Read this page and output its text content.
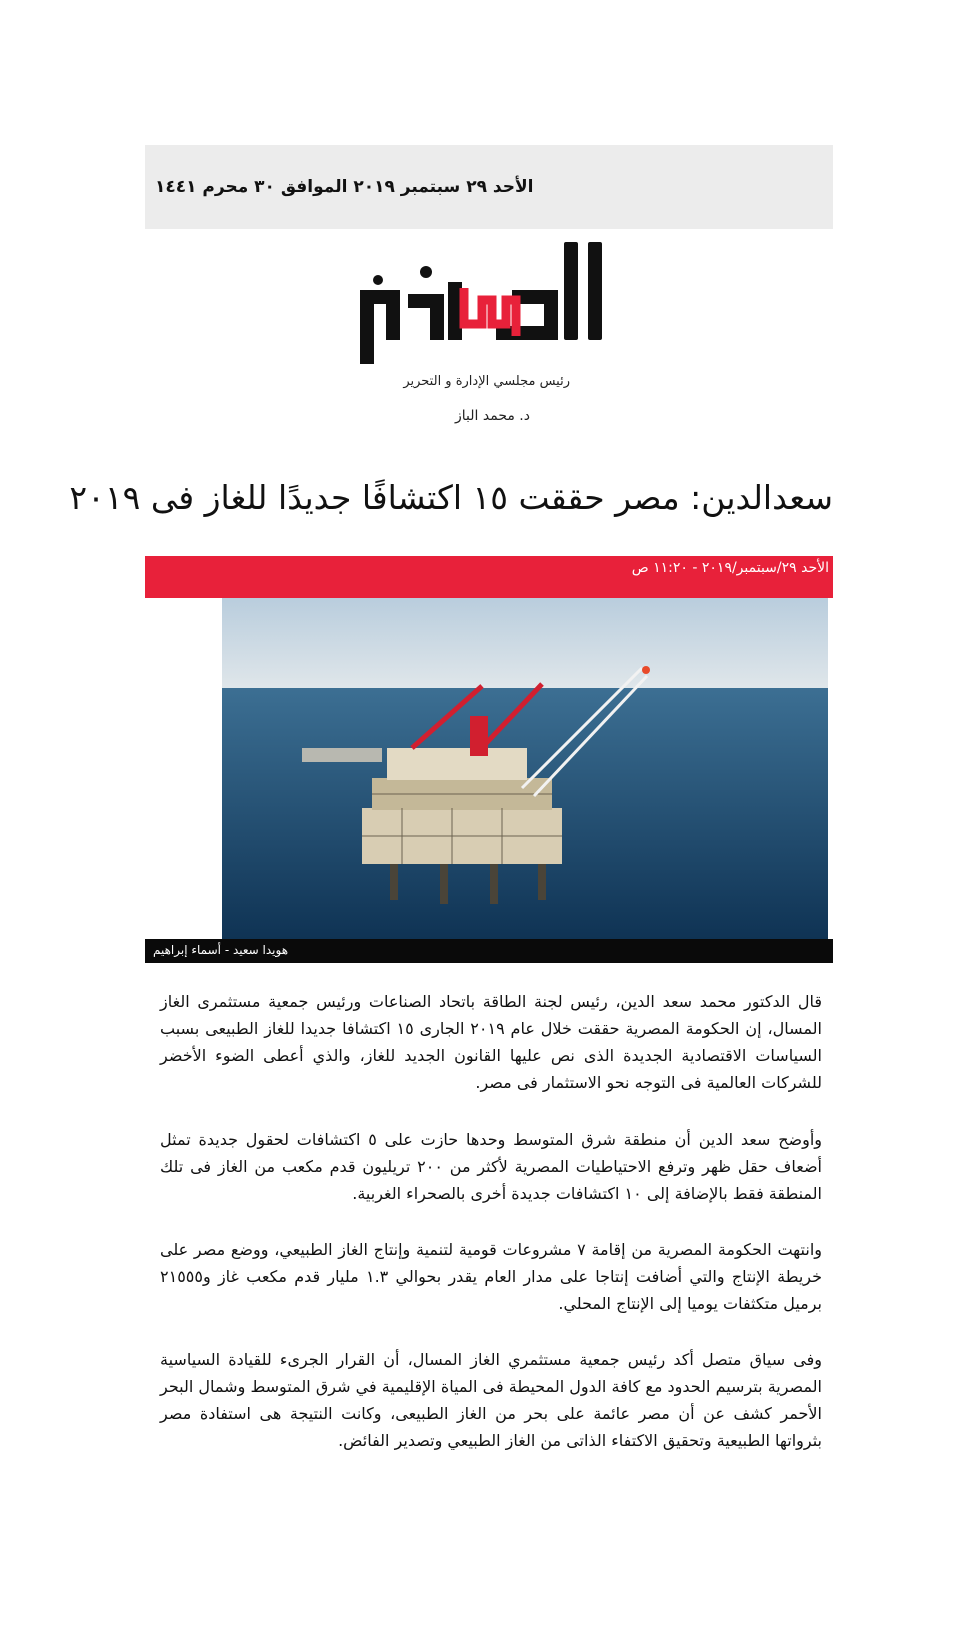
الأحد ٢٩ سبتمبر ٢٠١٩ الموافق ٣٠ محرم ١٤٤١
الدستور
رئيس مجلسي الإدارة و التحرير
د. محمد الباز
سعدالدين: مصر حققت ١٥ اكتشافًا جديدًا للغاز فى ٢٠١٩
الأحد ٢٩/سبتمبر/٢٠١٩ - ١١:٢٠ ص
هويدا سعيد - أسماء إبراهيم
قال الدكتور محمد سعد الدين، رئيس لجنة الطاقة باتحاد الصناعات ورئيس جمعية مستثمرى الغاز المسال، إن الحكومة المصرية حققت خلال عام ٢٠١٩ الجارى ١٥ اكتشافا جديدا للغاز الطبيعى بسبب السياسات الاقتصادية الجديدة الذى نص عليها القانون الجديد للغاز، والذي أعطى الضوء الأخضر للشركات العالمية فى التوجه نحو الاستثمار فى مصر.
وأوضح سعد الدين أن منطقة شرق المتوسط وحدها حازت على ٥ اكتشافات لحقول جديدة تمثل أضعاف حقل ظهر وترفع الاحتياطيات المصرية لأكثر من ٢٠٠ تريليون قدم مكعب من الغاز فى تلك المنطقة فقط بالإضافة إلى ١٠ اكتشافات جديدة أخرى بالصحراء الغربية.
وانتهت الحكومة المصرية من إقامة ٧ مشروعات قومية لتنمية وإنتاج الغاز الطبيعي، ووضع مصر على خريطة الإنتاج والتي أضافت إنتاجا على مدار العام يقدر بحوالي ١.٣ مليار قدم مكعب غاز و٢١٥٥٥ برميل متكثفات يوميا إلى الإنتاج المحلي.
وفى سياق متصل أكد رئيس جمعية مستثمري الغاز المسال، أن القرار الجرىء للقيادة السياسية المصرية بترسيم الحدود مع كافة الدول المحيطة فى المياة الإقليمية في شرق المتوسط وشمال البحر الأحمر كشف عن أن مصر عائمة على بحر من الغاز الطبيعى، وكانت النتيجة هى استفادة مصر بثرواتها الطبيعية وتحقيق الاكتفاء الذاتى من الغاز الطبيعي وتصدير الفائض.
